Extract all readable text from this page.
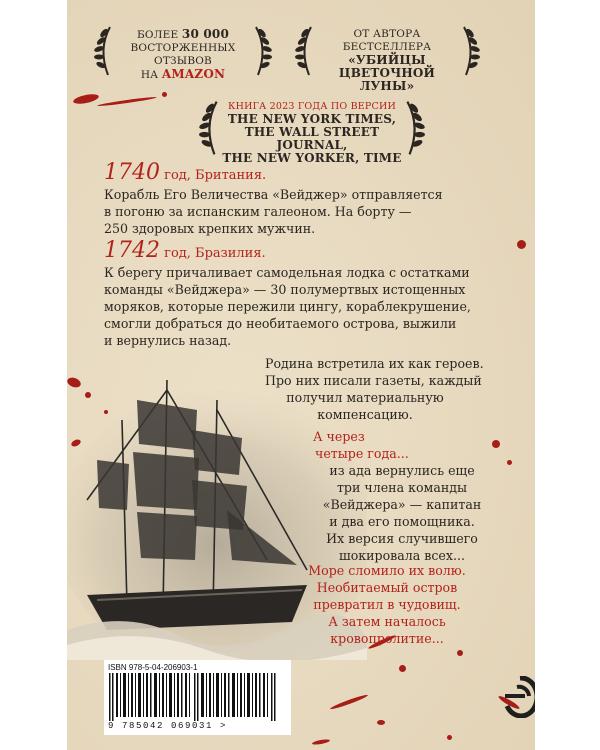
БОЛЕЕ 30 000
ВОСТОРЖЕННЫХ ОТЗЫВОВ
НА AMAZON
ОТ АВТОРА БЕСТСЕЛЛЕРА
«УБИЙЦЫ ЦВЕТОЧНОЙ
ЛУНЫ»
КНИГА 2023 ГОДА ПО ВЕРСИИ
THE NEW YORK TIMES,
THE WALL STREET JOURNAL,
THE NEW YORKER, TIME
1740 год, Британия.
Корабль Его Величества «Вейджер» отправляется
в погоню за испанским галеоном. На борту —
250 здоровых крепких мужчин.
1742 год, Бразилия.
К берегу причаливает самодельная лодка с остатками
команды «Вейджера» — 30 полумертвых истощенных
моряков, которые пережили цингу, кораблекрушение,
смогли добраться до необитаемого острова, выжили
и вернулись назад.
Родина встретила их как героев.
Про них писали газеты, каждый
получил материальную
компенсацию.
А через
четыре года...
из ада вернулись еще
три члена команды
«Вейджера» — капитан
и два его помощника.
Их версия случившего
шокировала всех...
Море сломило их волю.
Необитаемый остров
превратил в чудовищ.
А затем началось
кровопролитие...
ISBN 978-5-04-206903-1
9 785042 069031 >
